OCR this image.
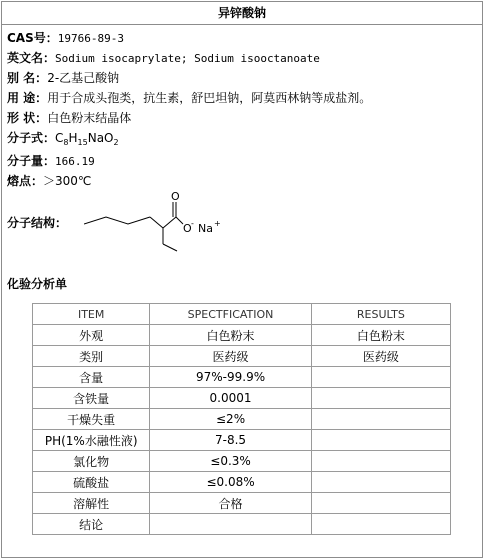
异锌酸钠
CAS号：19766-89-3
英文名：Sodium isocaprylate; Sodium isooctanoate
别 名：2-乙基己酸钠
用 途：用于合成头孢类，抗生素，舒巴坦钠，阿莫西林钠等成盐剂。
形 状：白色粉末结晶体
分子式：$C_8H_{15}NaO_2$
分子量：166.19
熔点：＞300℃
分子结构：
O
O - Na +
化验分析单
ITEM	SPECTFICATION	RESULTS
外观	白色粉末	白色粉末
类别	医药级	医药级
含量	97%-99.9%	
含铁量	0.0001	
干燥失重	≤2%	
PH(1%水融性液)	7-8.5	
氯化物	≤0.3%	
硫酸盐	≤0.08%	
溶解性	合格	
结论		
